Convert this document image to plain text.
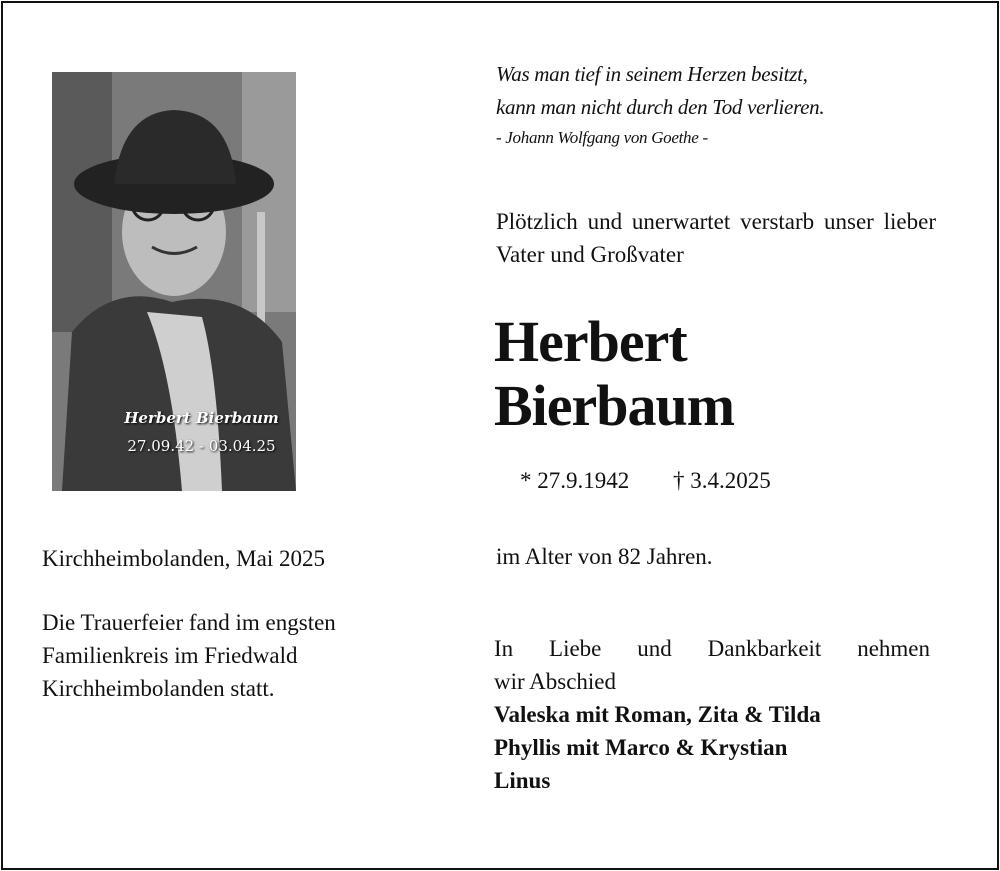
Herbert Bierbaum
27.09.42 - 03.04.25
Was man tief in seinem Herzen besitzt,
kann man nicht durch den Tod verlieren.
- Johann Wolfgang von Goethe -
Plötzlich und unerwartet verstarb unser lieber Vater und Großvater
Herbert
Bierbaum
* 27.9.1942 † 3.4.2025
im Alter von 82 Jahren.
Kirchheimbolanden, Mai 2025
Die Trauerfeier fand im engsten
Familienkreis im Friedwald
Kirchheimbolanden statt.
In Liebe und Dankbarkeit nehmen
wir Abschied
Valeska mit Roman, Zita & Tilda
Phyllis mit Marco & Krystian
Linus
